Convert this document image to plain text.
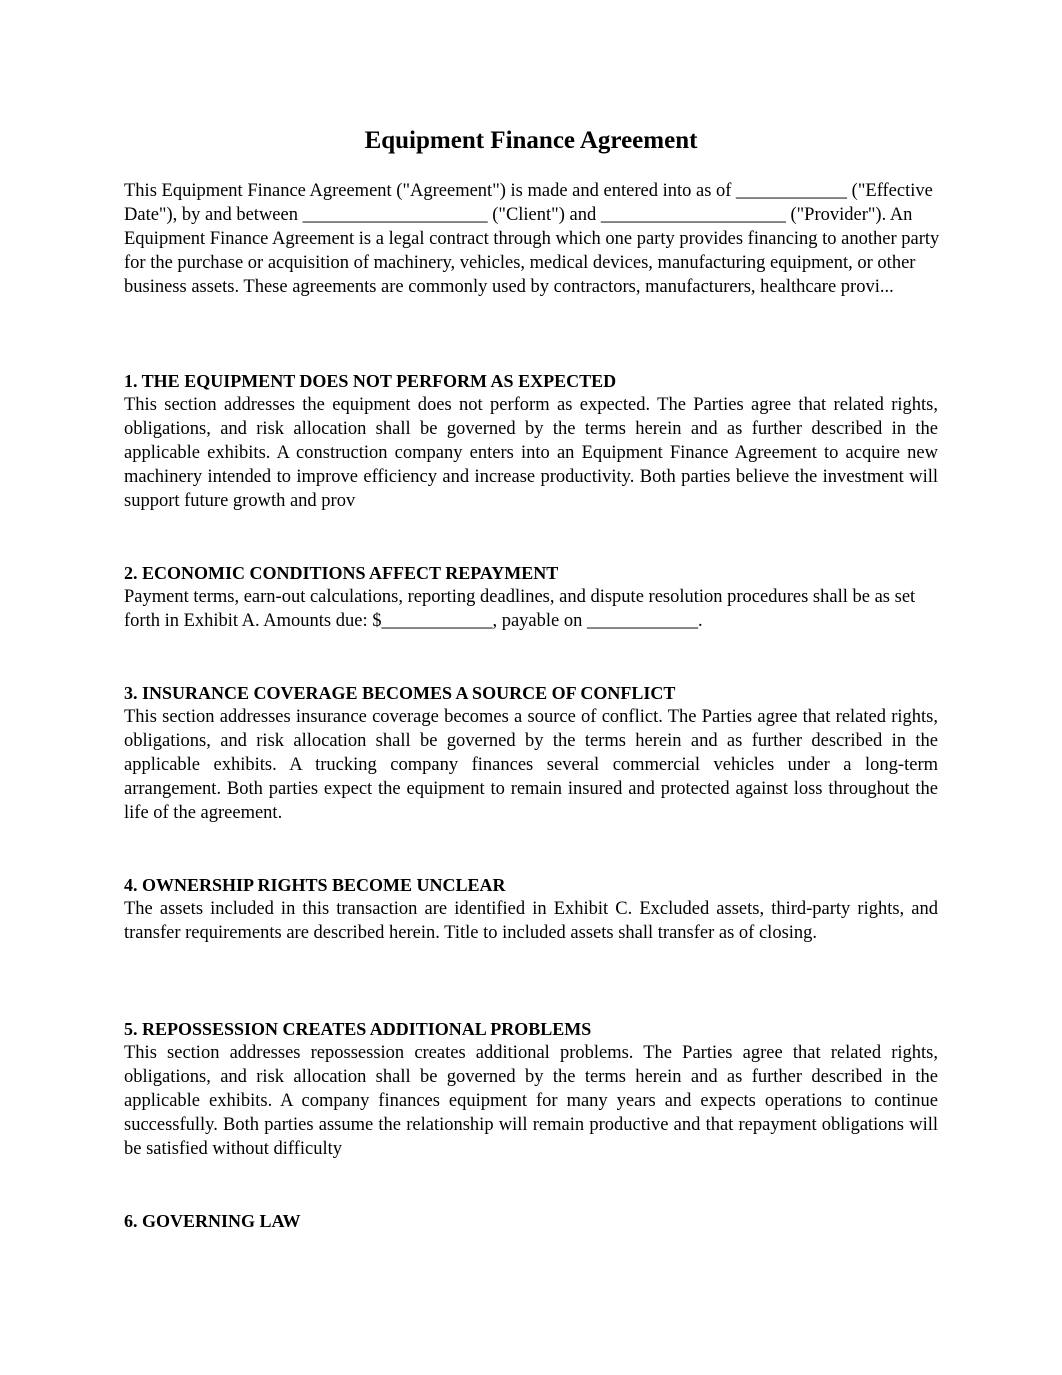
Equipment Finance Agreement

This Equipment Finance Agreement ("Agreement") is made and entered into as of ____________ ("Effective Date"), by and between ____________________ ("Client") and ____________________ ("Provider"). An Equipment Finance Agreement is a legal contract through which one party provides financing to another party for the purchase or acquisition of machinery, vehicles, medical devices, manufacturing equipment, or other business assets. These agreements are commonly used by contractors, manufacturers, healthcare provi...

1. THE EQUIPMENT DOES NOT PERFORM AS EXPECTED

This section addresses the equipment does not perform as expected. The Parties agree that related rights, obligations, and risk allocation shall be governed by the terms herein and as further described in the applicable exhibits. A construction company enters into an Equipment Finance Agreement to acquire new machinery intended to improve efficiency and increase productivity. Both parties believe the investment will support future growth and prov

2. ECONOMIC CONDITIONS AFFECT REPAYMENT

Payment terms, earn-out calculations, reporting deadlines, and dispute resolution procedures shall be as set forth in Exhibit A. Amounts due: $____________, payable on ____________.

3. INSURANCE COVERAGE BECOMES A SOURCE OF CONFLICT

This section addresses insurance coverage becomes a source of conflict. The Parties agree that related rights, obligations, and risk allocation shall be governed by the terms herein and as further described in the applicable exhibits. A trucking company finances several commercial vehicles under a long-term arrangement. Both parties expect the equipment to remain insured and protected against loss throughout the life of the agreement.

4. OWNERSHIP RIGHTS BECOME UNCLEAR

The assets included in this transaction are identified in Exhibit C. Excluded assets, third-party rights, and transfer requirements are described herein. Title to included assets shall transfer as of closing.

5. REPOSSESSION CREATES ADDITIONAL PROBLEMS

This section addresses repossession creates additional problems. The Parties agree that related rights, obligations, and risk allocation shall be governed by the terms herein and as further described in the applicable exhibits. A company finances equipment for many years and expects operations to continue successfully. Both parties assume the relationship will remain productive and that repayment obligations will be satisfied without difficulty

6. GOVERNING LAW
